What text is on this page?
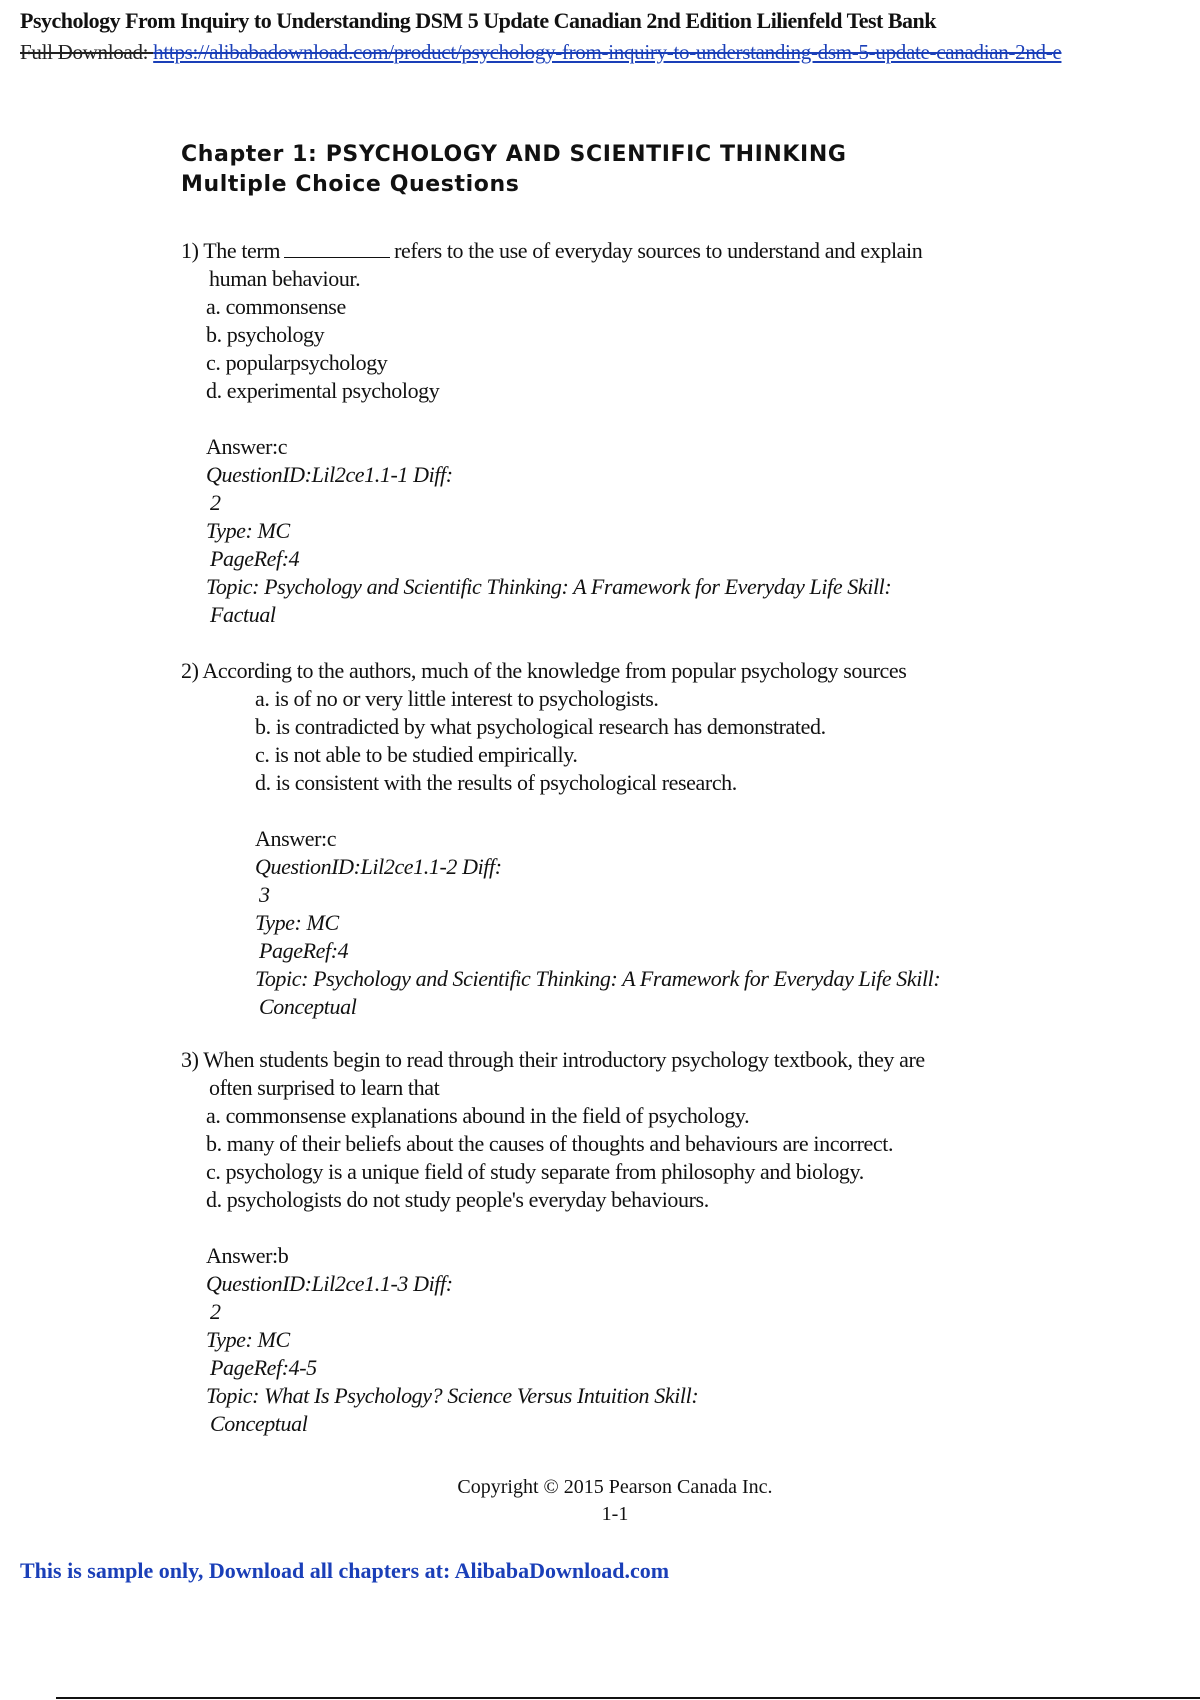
Psychology From Inquiry to Understanding DSM 5 Update Canadian 2nd Edition Lilienfeld Test Bank
Full Download: https://alibabadownload.com/product/psychology-from-inquiry-to-understanding-dsm-5-update-canadian-2nd-e
Chapter 1: PSYCHOLOGY AND SCIENTIFIC THINKING
Multiple Choice Questions

1) The term	refers to the use of everyday sources to understand and explain

human behaviour.
a. commonsense
b. psychology
c. popularpsychology
d. experimental psychology
Answer:c
QuestionID:Lil2ce1.1-1 Diff:
2
Type: MC
PageRef:4
Topic: Psychology and Scientific Thinking: A Framework for Everyday Life Skill:
Factual

2) According to the authors, much of the knowledge from popular psychology sources

a. is of no or very little interest to psychologists.
b. is contradicted by what psychological research has demonstrated.
c. is not able to be studied empirically.
d. is consistent with the results of psychological research.
Answer:c
QuestionID:Lil2ce1.1-2 Diff:
3
Type: MC
PageRef:4
Topic: Psychology and Scientific Thinking: A Framework for Everyday Life Skill:
Conceptual

3) When students begin to read through their introductory psychology textbook, they are

often surprised to learn that
a. commonsense explanations abound in the field of psychology.
b. many of their beliefs about the causes of thoughts and behaviours are incorrect.
c. psychology is a unique field of study separate from philosophy and biology.
d. psychologists do not study people's everyday behaviours.
Answer:b
QuestionID:Lil2ce1.1-3 Diff:
2
Type: MC
PageRef:4-5
Topic: What Is Psychology? Science Versus Intuition Skill:
Conceptual
Copyright © 2015 Pearson Canada Inc.
1-1
This is sample only, Download all chapters at: AlibabaDownload.com
